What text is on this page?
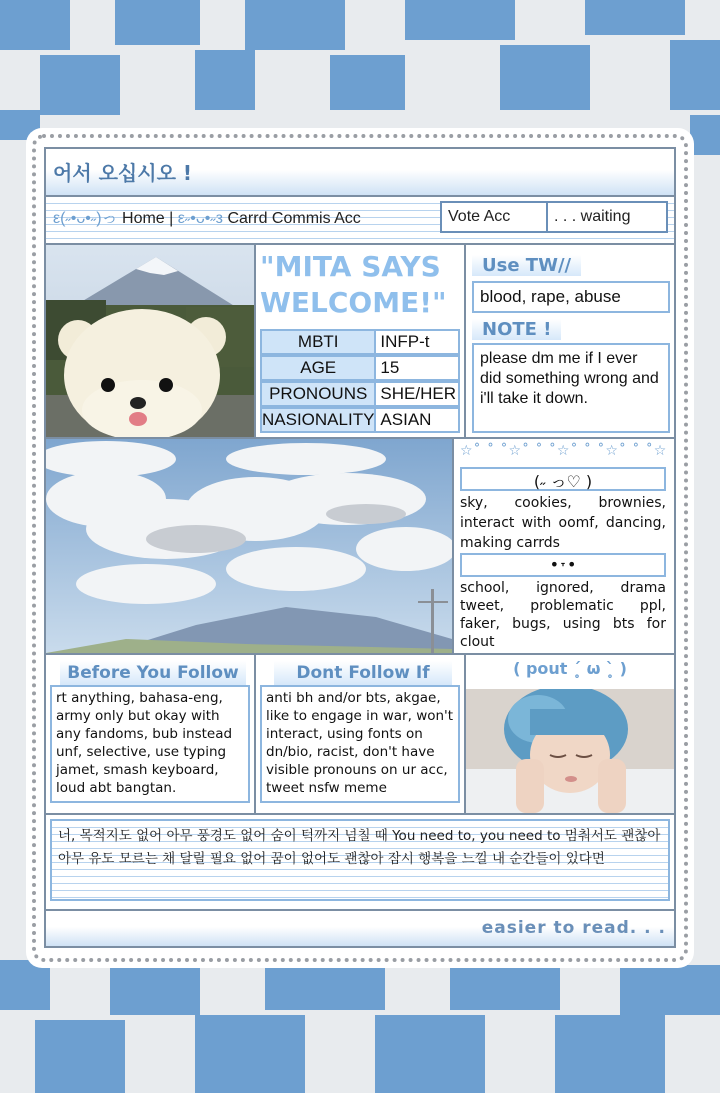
어서 오십시오 !
ε(˶•ᴗ•˶)っ Home | ε˶•ᴗ•˶з Carrd Commis Acc	Vote Acc	. . . waiting
"MITA SAYS
WELCOME!"
MBTI	INFP-t
AGE	15
PRONOUNS	SHE/HER
NASIONALITY	ASIAN
Use TW//
blood, rape, abuse
NOTE !
please dm me if I ever did something wrong and i'll take it down.
☆˚ ˚ ˚☆˚ ˚ ˚☆˚ ˚ ˚☆˚ ˚ ˚☆
(˶ っ♡ )
sky, cookies, brownies, interact with oomf, dancing, making carrds
•˕•
school, ignored, drama tweet, problematic ppl, faker, bugs, using bts for clout
Before You Follow
rt anything, bahasa-eng, army only but okay with any fandoms, bub instead unf, selective, use typing jamet, smash keyboard, loud abt bangtan.
Dont Follow If
anti bh and/or bts, akgae, like to engage in war, won't interact, using fonts on dn/bio, racist, don't have visible pronouns on ur acc, tweet nsfw meme
( pout ˊ̥ ω ˋ̥ )
너, 목적지도 없어 아무 풍경도 없어 숨이 턱까지 넘칠 때 You need to, you need to 멈춰서도 괜찮아 아무 유도 모르는 채 달릴 필요 없어 꿈이 없어도 괜찮아 잠시 행복을 느낄 내 순간들이 있다면
easier to read. . .
